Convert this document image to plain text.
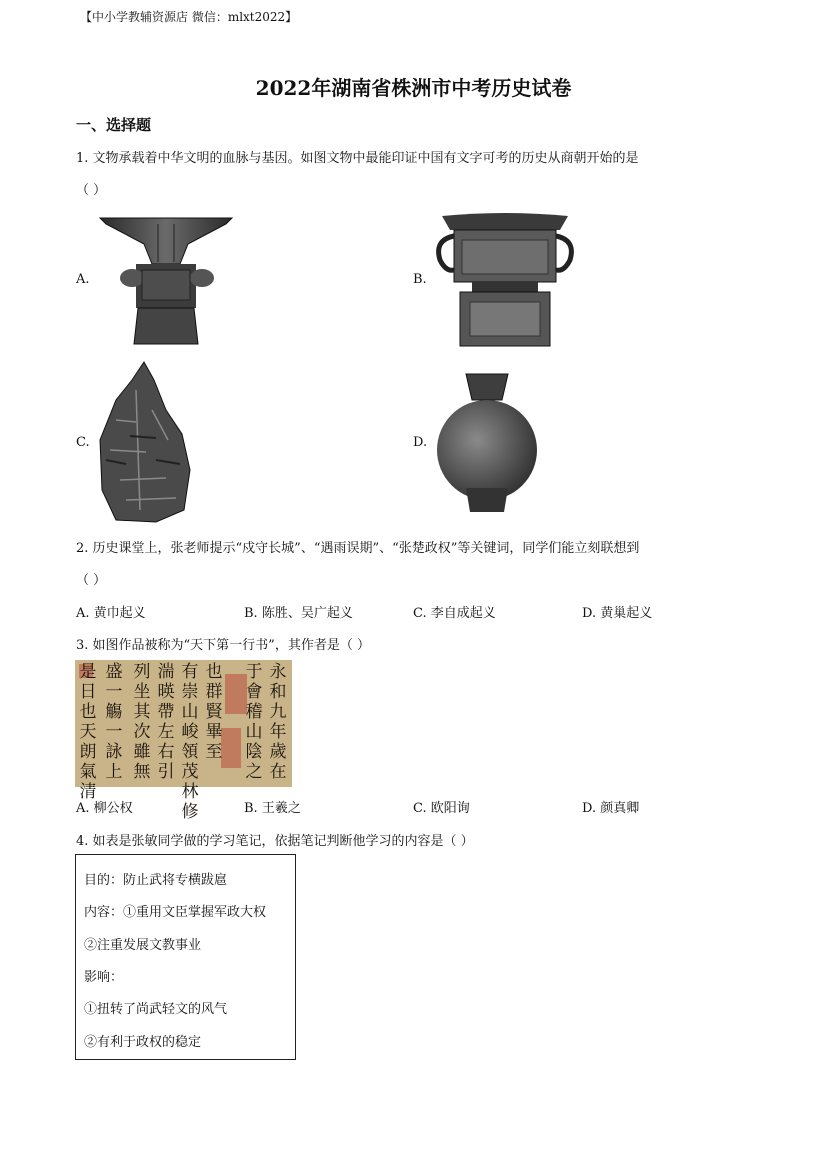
【中小学教辅资源店 微信：mlxt2022】
2022年湖南省株洲市中考历史试卷
一、选择题
1. 文物承载着中华文明的血脉与基因。如图文物中最能印证中国有文字可考的历史从商朝开始的是
（ ）
A.	B.
C.	D.
2. 历史课堂上，张老师提示“戍守长城”、“遇雨误期”、“张楚政权”等关键词，同学们能立刻联想到
（ ）
A. 黄巾起义	B. 陈胜、吴广起义	C. 李自成起义	D. 黄巢起义
3. 如图作品被称为“天下第一行书”，其作者是（ ）
永和九年歲在
于會稽山陰之
也群賢畢至
有崇山峻領茂林修
湍暎帶左右引
列坐其次雖無
盛一觴一詠上
是日也天朗氣清
A. 柳公权	B. 王羲之	C. 欧阳询	D. 颜真卿
4. 如表是张敏同学做的学习笔记，依据笔记判断他学习的内容是（ ）
目的：防止武将专横跋扈
内容：①重用文臣掌握军政大权
②注重发展文教事业
影响：
①扭转了尚武轻文的风气
②有利于政权的稳定
